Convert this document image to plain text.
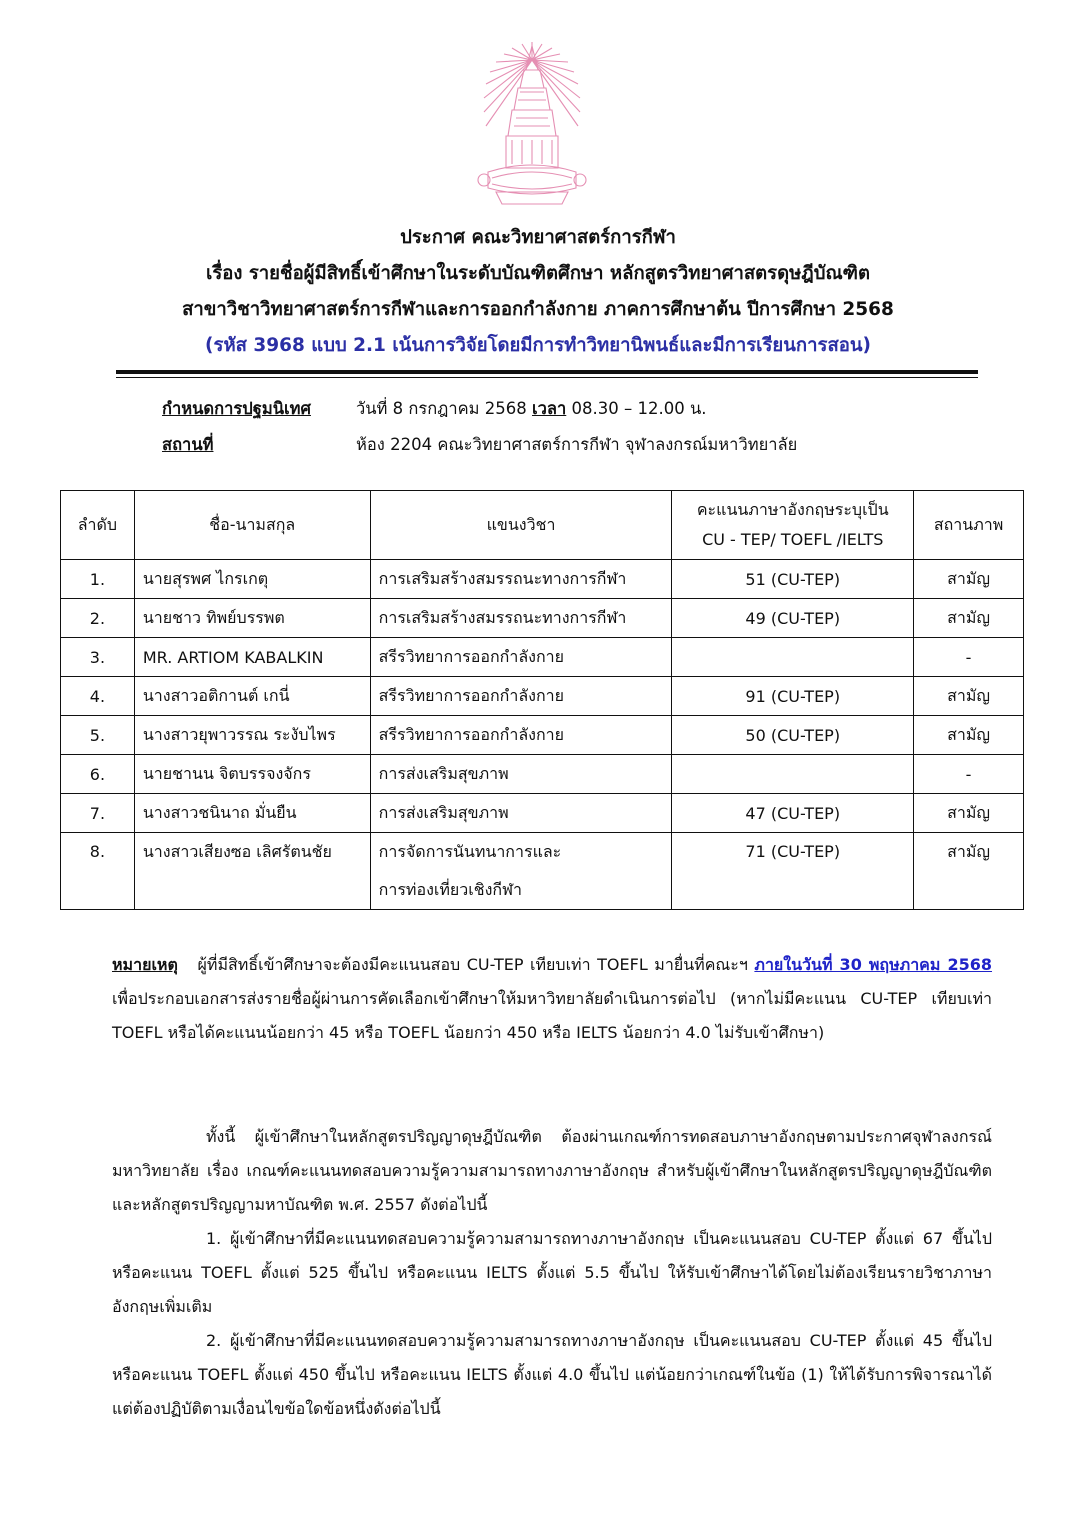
ประกาศ คณะวิทยาศาสตร์การกีฬา
เรื่อง รายชื่อผู้มีสิทธิ์เข้าศึกษาในระดับบัณฑิตศึกษา หลักสูตรวิทยาศาสตรดุษฎีบัณฑิต
สาขาวิชาวิทยาศาสตร์การกีฬาและการออกกำลังกาย ภาคการศึกษาต้น ปีการศึกษา 2568
(รหัส 3968 แบบ 2.1 เน้นการวิจัยโดยมีการทำวิทยานิพนธ์และมีการเรียนการสอน)
กำหนดการปฐมนิเทศ	วันที่ 8 กรกฎาคม 2568 เวลา 08.30 – 12.00 น.
สถานที่	ห้อง 2204 คณะวิทยาศาสตร์การกีฬา จุฬาลงกรณ์มหาวิทยาลัย
ลำดับ	ชื่อ-นามสกุล	แขนงวิชา	คะแนนภาษาอังกฤษระบุเป็น
CU - TEP/ TOEFL /IELTS	สถานภาพ
1.	นายสุรพศ ไกรเกตุ	การเสริมสร้างสมรรถนะทางการกีฬา	51 (CU-TEP)	สามัญ
2.	นายชาว ทิพย์บรรพต	การเสริมสร้างสมรรถนะทางการกีฬา	49 (CU-TEP)	สามัญ
3.	MR. ARTIOM KABALKIN	สรีรวิทยาการออกกำลังกาย		-
4.	นางสาวอติกานต์ เกนี่	สรีรวิทยาการออกกำลังกาย	91 (CU-TEP)	สามัญ
5.	นางสาวยุพาวรรณ ระงับไพร	สรีรวิทยาการออกกำลังกาย	50 (CU-TEP)	สามัญ
6.	นายชานน จิตบรรจงจักร	การส่งเสริมสุขภาพ		-
7.	นางสาวชนินาถ มั่นยืน	การส่งเสริมสุขภาพ	47 (CU-TEP)	สามัญ
8.	นางสาวเสียงซอ เลิศรัตนชัย	การจัดการนันทนาการและ
การท่องเที่ยวเชิงกีฬา	71 (CU-TEP)	สามัญ
หมายเหตุ ผู้ที่มีสิทธิ์เข้าศึกษาจะต้องมีคะแนนสอบ CU-TEP เทียบเท่า TOEFL มายื่นที่คณะฯ ภายในวันที่ 30 พฤษภาคม 2568 เพื่อประกอบเอกสารส่งรายชื่อผู้ผ่านการคัดเลือกเข้าศึกษาให้มหาวิทยาลัยดำเนินการต่อไป (หากไม่มีคะแนน CU-TEP เทียบเท่า TOEFL หรือได้คะแนนน้อยกว่า 45 หรือ TOEFL น้อยกว่า 450 หรือ IELTS น้อยกว่า 4.0 ไม่รับเข้าศึกษา)
ทั้งนี้ ผู้เข้าศึกษาในหลักสูตรปริญญาดุษฎีบัณฑิต ต้องผ่านเกณฑ์การทดสอบภาษาอังกฤษตามประกาศจุฬาลงกรณ์มหาวิทยาลัย เรื่อง เกณฑ์คะแนนทดสอบความรู้ความสามารถทางภาษาอังกฤษ สำหรับผู้เข้าศึกษาในหลักสูตรปริญญาดุษฎีบัณฑิต และหลักสูตรปริญญามหาบัณฑิต พ.ศ. 2557 ดังต่อไปนี้
1. ผู้เข้าศึกษาที่มีคะแนนทดสอบความรู้ความสามารถทางภาษาอังกฤษ เป็นคะแนนสอบ CU-TEP ตั้งแต่ 67 ขึ้นไป หรือคะแนน TOEFL ตั้งแต่ 525 ขึ้นไป หรือคะแนน IELTS ตั้งแต่ 5.5 ขึ้นไป ให้รับเข้าศึกษาได้โดยไม่ต้องเรียนรายวิชาภาษาอังกฤษเพิ่มเติม
2. ผู้เข้าศึกษาที่มีคะแนนทดสอบความรู้ความสามารถทางภาษาอังกฤษ เป็นคะแนนสอบ CU-TEP ตั้งแต่ 45 ขึ้นไป หรือคะแนน TOEFL ตั้งแต่ 450 ขึ้นไป หรือคะแนน IELTS ตั้งแต่ 4.0 ขึ้นไป แต่น้อยกว่าเกณฑ์ในข้อ (1) ให้ได้รับการพิจารณาได้แต่ต้องปฏิบัติตามเงื่อนไขข้อใดข้อหนึ่งดังต่อไปนี้
